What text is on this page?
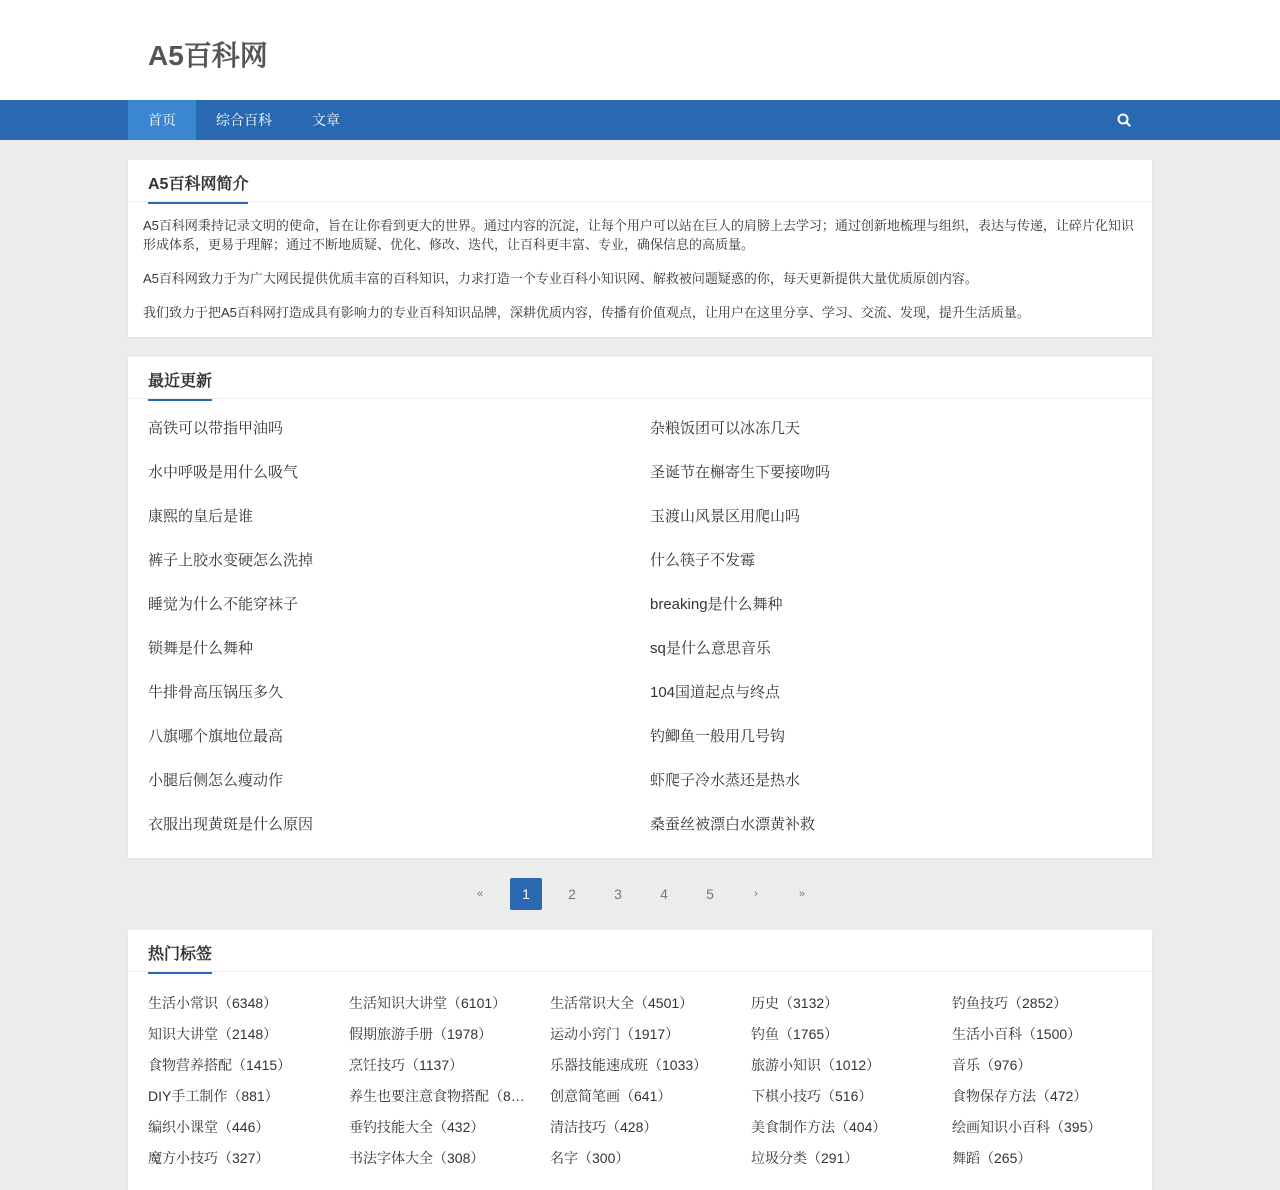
A5百科网
首页	综合百科	文章
A5百科网简介

A5百科网秉持记录文明的使命，旨在让你看到更大的世界。通过内容的沉淀，让每个用户可以站在巨人的肩膀上去学习；通过创新地梳理与组织，表达与传递，让碎片化知识形成体系，更易于理解；通过不断地质疑、优化、修改、迭代，让百科更丰富、专业，确保信息的高质量。

A5百科网致力于为广大网民提供优质丰富的百科知识，力求打造一个专业百科小知识网、解救被问题疑惑的你，每天更新提供大量优质原创内容。

我们致力于把A5百科网打造成具有影响力的专业百科知识品牌，深耕优质内容，传播有价值观点，让用户在这里分享、学习、交流、发现，提升生活质量。

最近更新
高铁可以带指甲油吗	杂粮饭团可以冰冻几天
水中呼吸是用什么吸气	圣诞节在槲寄生下要接吻吗
康熙的皇后是谁	玉渡山风景区用爬山吗
裤子上胶水变硬怎么洗掉	什么筷子不发霉
睡觉为什么不能穿袜子	breaking是什么舞种
锁舞是什么舞种	sq是什么意思音乐
牛排骨高压锅压多久	104国道起点与终点
八旗哪个旗地位最高	钓鲫鱼一般用几号钩
小腿后侧怎么瘦动作	虾爬子冷水蒸还是热水
衣服出现黄斑是什么原因	桑蚕丝被漂白水漂黄补救
«	1	2	3	4	5	›	»
热门标签
生活小常识（6348）	生活知识大讲堂（6101）	生活常识大全（4501）	历史（3132）	钓鱼技巧（2852）
知识大讲堂（2148）	假期旅游手册（1978）	运动小窍门（1917）	钓鱼（1765）	生活小百科（1500）
食物营养搭配（1415）	烹饪技巧（1137）	乐器技能速成班（1033）	旅游小知识（1012）	音乐（976）
DIY手工制作（881）	养生也要注意食物搭配（8…	创意简笔画（641）	下棋小技巧（516）	食物保存方法（472）
编织小课堂（446）	垂钓技能大全（432）	清洁技巧（428）	美食制作方法（404）	绘画知识小百科（395）
魔方小技巧（327）	书法字体大全（308）	名字（300）	垃圾分类（291）	舞蹈（265）
